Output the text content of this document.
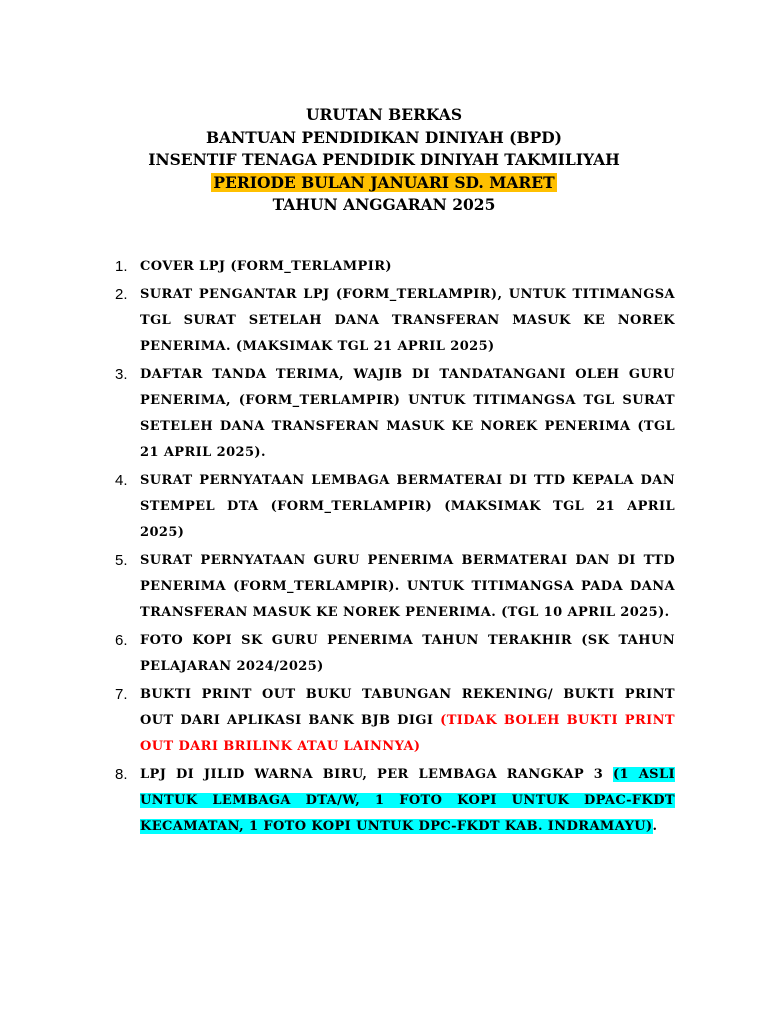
URUTAN BERKAS
BANTUAN PENDIDIKAN DINIYAH (BPD)
INSENTIF TENAGA PENDIDIK DINIYAH TAKMILIYAH
PERIODE BULAN JANUARI SD. MARET
TAHUN ANGGARAN 2025
1. COVER LPJ (FORM_TERLAMPIR)
2. SURAT PENGANTAR LPJ (FORM_TERLAMPIR), UNTUK TITIMANGSA TGL SURAT SETELAH DANA TRANSFERAN MASUK KE NOREK PENERIMA. (MAKSIMAK TGL 21 APRIL 2025)
3. DAFTAR TANDA TERIMA, WAJIB DI TANDATANGANI OLEH GURU PENERIMA, (FORM_TERLAMPIR) UNTUK TITIMANGSA TGL SURAT SETELEH DANA TRANSFERAN MASUK KE NOREK PENERIMA (TGL 21 APRIL 2025).
4. SURAT PERNYATAAN LEMBAGA BERMATERAI DI TTD KEPALA DAN STEMPEL DTA (FORM_TERLAMPIR) (MAKSIMAK TGL 21 APRIL 2025)
5. SURAT PERNYATAAN GURU PENERIMA BERMATERAI DAN DI TTD PENERIMA (FORM_TERLAMPIR). UNTUK TITIMANGSA PADA DANA TRANSFERAN MASUK KE NOREK PENERIMA. (TGL 10 APRIL 2025).
6. FOTO KOPI SK GURU PENERIMA TAHUN TERAKHIR (SK TAHUN PELAJARAN 2024/2025)
7. BUKTI PRINT OUT BUKU TABUNGAN REKENING/ BUKTI PRINT OUT DARI APLIKASI BANK BJB DIGI (TIDAK BOLEH BUKTI PRINT OUT DARI BRILINK ATAU LAINNYA)
8. LPJ DI JILID WARNA BIRU, PER LEMBAGA RANGKAP 3 (1 ASLI UNTUK LEMBAGA DTA/W, 1 FOTO KOPI UNTUK DPAC-FKDT KECAMATAN, 1 FOTO KOPI UNTUK DPC-FKDT KAB. INDRAMAYU).
